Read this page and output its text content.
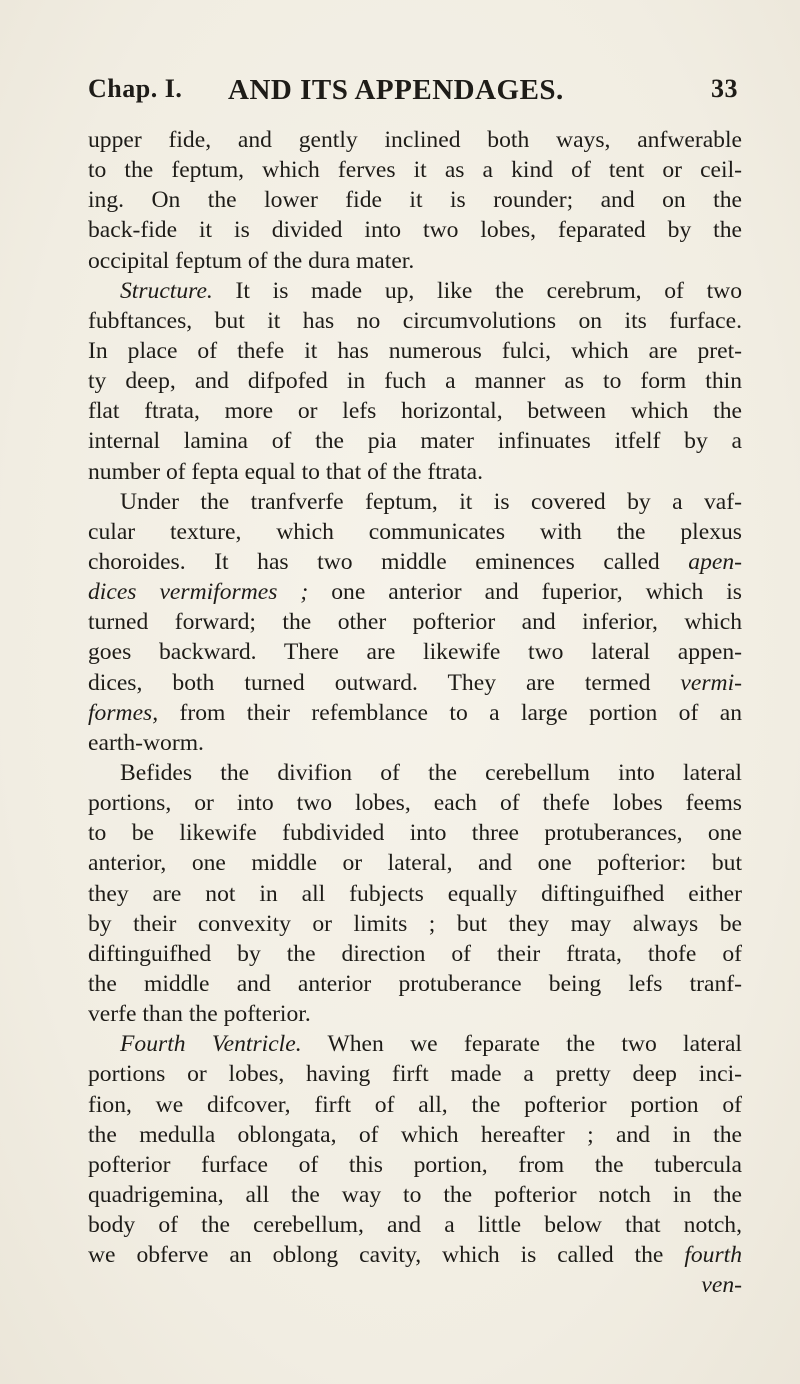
Chap. I. AND ITS APPENDAGES.	33
upper fide, and gently inclined both ways, anfwerable
to the feptum, which ferves it as a kind of tent or ceil-
ing. On the lower fide it is rounder; and on the
back-fide it is divided into two lobes, feparated by the
occipital feptum of the dura mater.
Structure. It is made up, like the cerebrum, of two
fubftances, but it has no circumvolutions on its furface.
In place of thefe it has numerous fulci, which are pret-
ty deep, and difpofed in fuch a manner as to form thin
flat ftrata, more or lefs horizontal, between which the
internal lamina of the pia mater infinuates itfelf by a
number of fepta equal to that of the ftrata.
Under the tranfverfe feptum, it is covered by a vaf-
cular texture, which communicates with the plexus
choroides. It has two middle eminences called apen-
dices vermiformes ; one anterior and fuperior, which is
turned forward; the other pofterior and inferior, which
goes backward. There are likewife two lateral appen-
dices, both turned outward. They are termed vermi-
formes, from their refemblance to a large portion of an
earth-worm.
Befides the divifion of the cerebellum into lateral
portions, or into two lobes, each of thefe lobes feems
to be likewife fubdivided into three protuberances, one
anterior, one middle or lateral, and one pofterior: but
they are not in all fubjects equally diftinguifhed either
by their convexity or limits ; but they may always be
diftinguifhed by the direction of their ftrata, thofe of
the middle and anterior protuberance being lefs tranf-
verfe than the pofterior.
Fourth Ventricle. When we feparate the two lateral
portions or lobes, having firft made a pretty deep inci-
fion, we difcover, firft of all, the pofterior portion of
the medulla oblongata, of which hereafter ; and in the
pofterior furface of this portion, from the tubercula
quadrigemina, all the way to the pofterior notch in the
body of the cerebellum, and a little below that notch,
we obferve an oblong cavity, which is called the fourth
ven-
